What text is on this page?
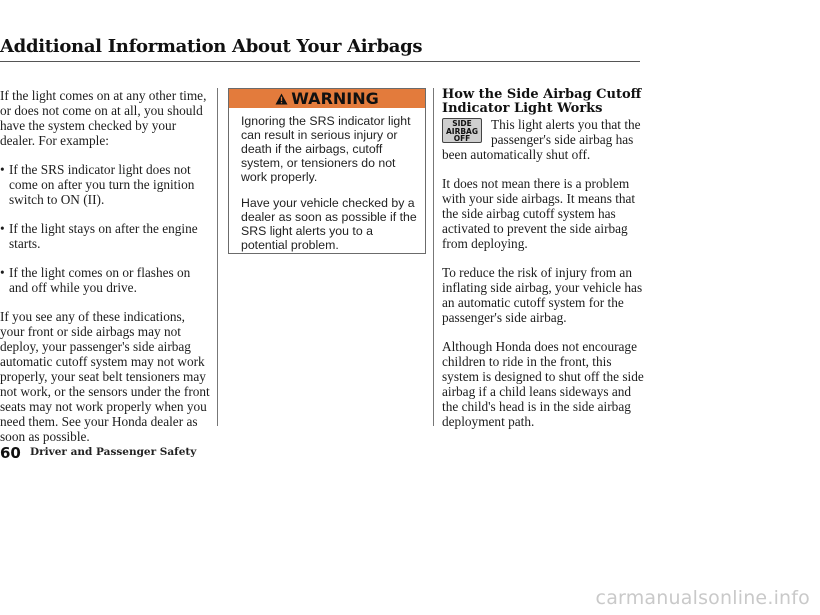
Additional Information About Your Airbags

If the light comes on at any other time, or does not come on at all, you should have the system checked by your dealer. For example:

• If the SRS indicator light does not come on after you turn the ignition switch to ON (II).
• If the light stays on after the engine starts.
• If the light comes on or flashes on and off while you drive.

If you see any of these indications, your front or side airbags may not deploy, your passenger's side airbag automatic cutoff system may not work properly, your seat belt tensioners may not work, or the sensors under the front seats may not work properly when you need them. See your Honda dealer as soon as possible.

WARNING

Ignoring the SRS indicator light can result in serious injury or death if the airbags, cutoff system, or tensioners do not work properly.

Have your vehicle checked by a dealer as soon as possible if the SRS light alerts you to a potential problem.

How the Side Airbag Cutoff Indicator Light Works
SIDE
AIRBAG
OFF
This light alerts you that the passenger's side airbag has been automatically shut off.

It does not mean there is a problem with your side airbags. It means that the side airbag cutoff system has activated to prevent the side airbag from deploying.

To reduce the risk of injury from an inflating side airbag, your vehicle has an automatic cutoff system for the passenger's side airbag.

Although Honda does not encourage children to ride in the front, this system is designed to shut off the side airbag if a child leans sideways and the child's head is in the side airbag deployment path.

60 Driver and Passenger Safety
carmanualsonline.info
